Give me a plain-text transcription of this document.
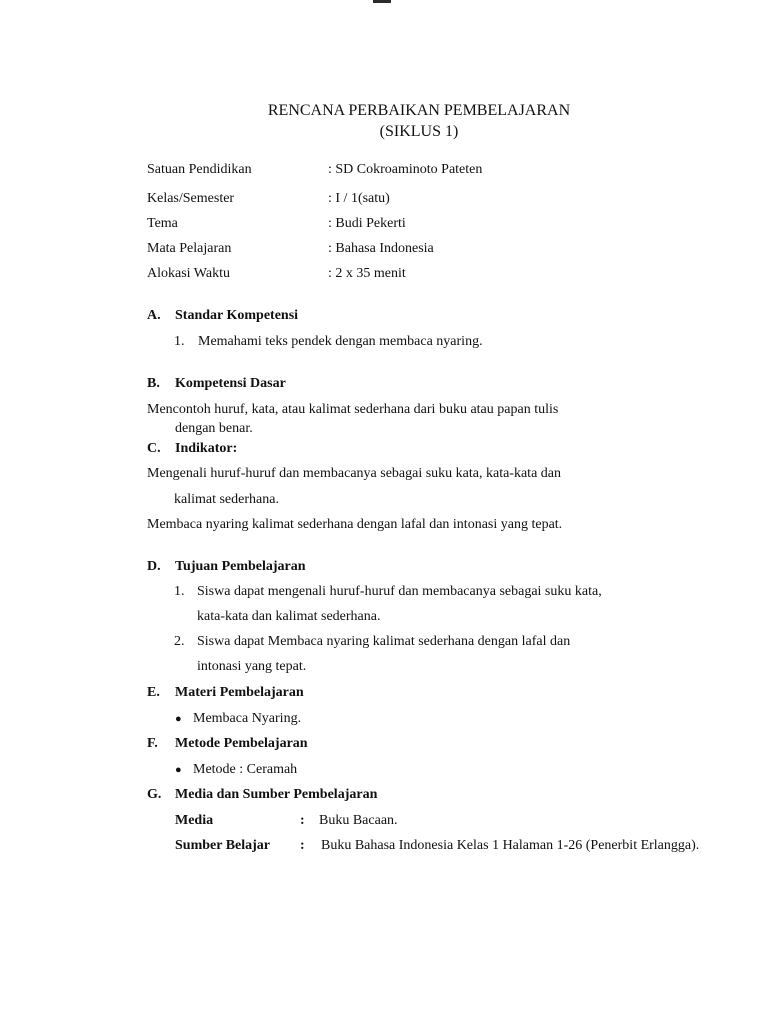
RENCANA PERBAIKAN PEMBELAJARAN
(SIKLUS 1)
Satuan Pendidikan	: SD Cokroaminoto Pateten
Kelas/Semester	: I / 1(satu)
Tema	: Budi Pekerti
Mata Pelajaran	: Bahasa Indonesia
Alokasi Waktu	: 2 x 35 menit
A. Standar Kompetensi
1. Memahami teks pendek dengan membaca nyaring.
B. Kompetensi Dasar
Mencontoh huruf, kata, atau kalimat sederhana dari buku atau papan tulis
dengan benar.
C. Indikator:
Mengenali huruf-huruf dan membacanya sebagai suku kata, kata-kata dan
kalimat sederhana.
Membaca nyaring kalimat sederhana dengan lafal dan intonasi yang tepat.
D. Tujuan Pembelajaran
1. Siswa dapat mengenali huruf-huruf dan membacanya sebagai suku kata,
kata-kata dan kalimat sederhana.
2. Siswa dapat Membaca nyaring kalimat sederhana dengan lafal dan
intonasi yang tepat.
E. Materi Pembelajaran
● Membaca Nyaring.
F. Metode Pembelajaran
● Metode : Ceramah
G. Media dan Sumber Pembelajaran
Media	: Buku Bacaan.
Sumber Belajar : Buku Bahasa Indonesia Kelas 1 Halaman 1-26 (Penerbit Erlangga).
